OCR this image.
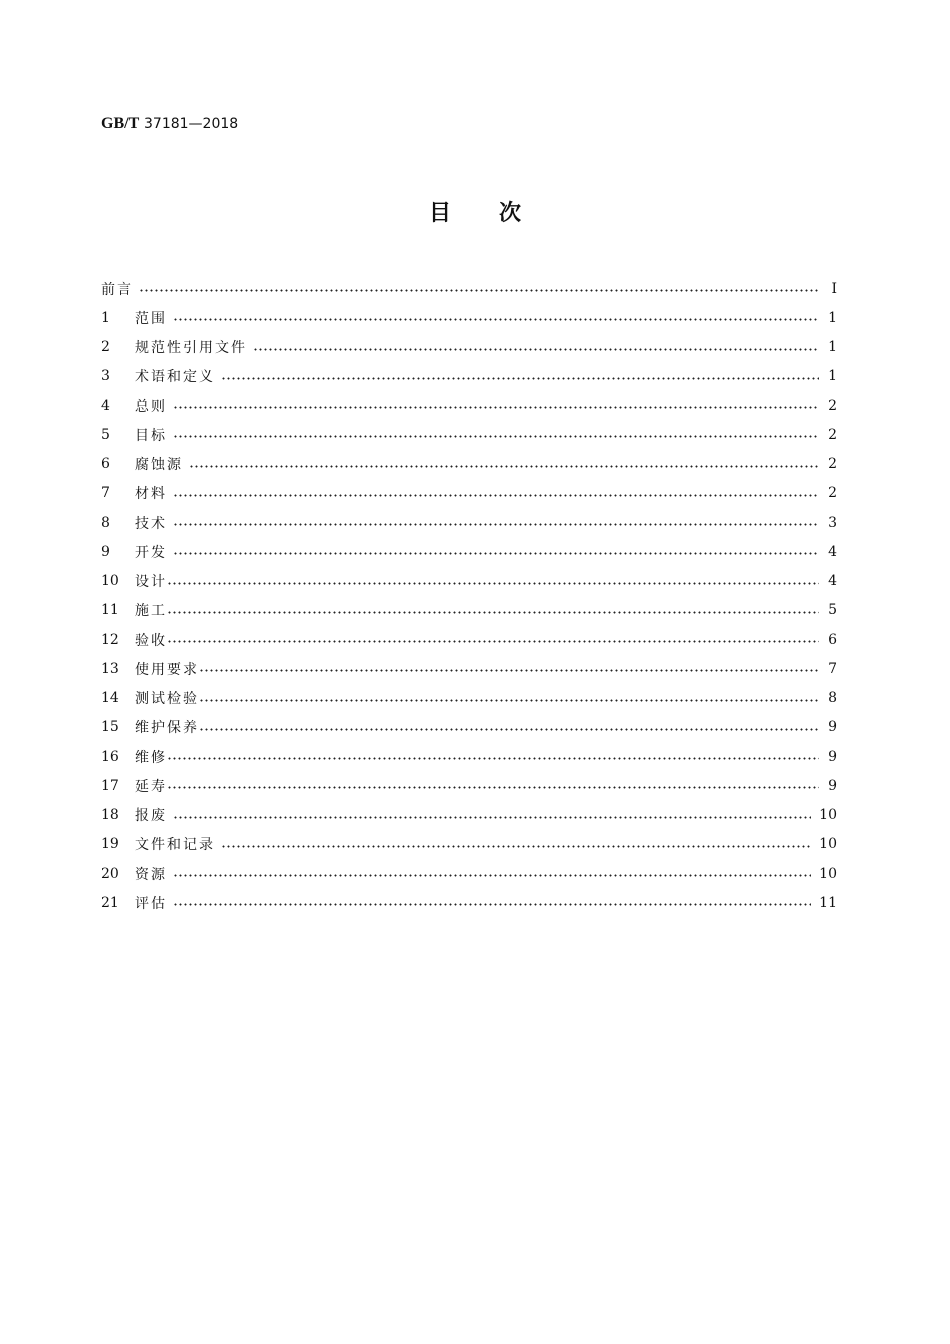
GB/T 37181—2018
目次
前言	Ⅰ
1	范围	1
2	规范性引用文件	1
3	术语和定义	1
4	总则	2
5	目标	2
6	腐蚀源	2
7	材料	2
8	技术	3
9	开发	4
10	设计	4
11	施工	5
12	验收	6
13	使用要求	7
14	测试检验	8
15	维护保养	9
16	维修	9
17	延寿	9
18	报废	10
19	文件和记录	10
20	资源	10
21	评估	11
